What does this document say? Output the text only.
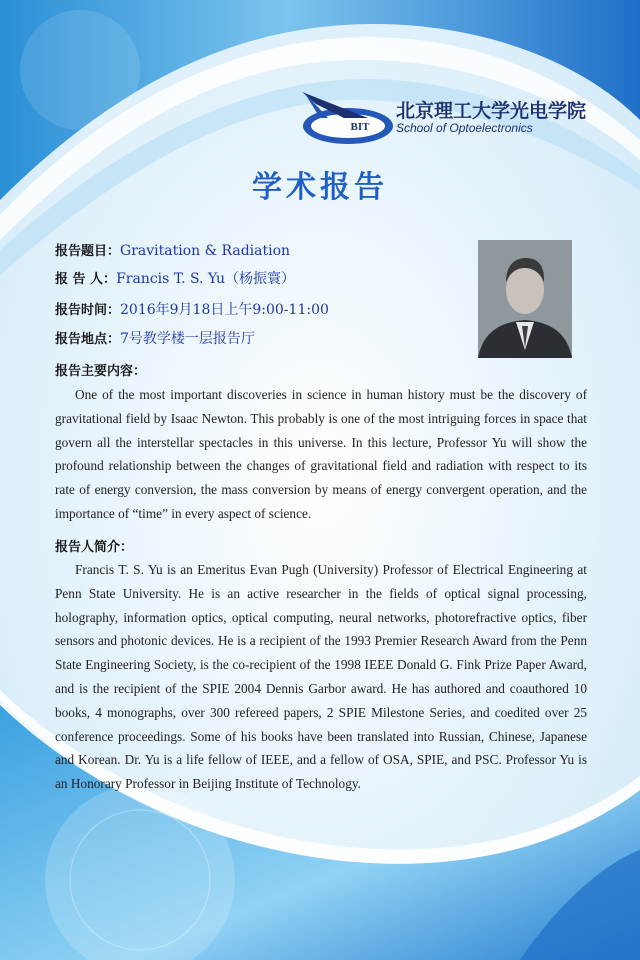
BIT
北京理工大学光电学院
School of Optoelectronics
学术报告
报告题目：Gravitation & Radiation
报 告 人：Francis T. S. Yu（杨振寰）
报告时间：2016年9月18日上午9:00-11:00
报告地点：7号教学楼一层报告厅
报告主要内容：

One of the most important discoveries in science in human history must be the discovery of gravitational field by Isaac Newton. This probably is one of the most intriguing forces in space that govern all the interstellar spectacles in this universe. In this lecture, Professor Yu will show the profound relationship between the changes of gravitational field and radiation with respect to its rate of energy conversion, the mass conversion by means of energy convergent operation, and the importance of “time” in every aspect of science.

报告人简介：

Francis T. S. Yu is an Emeritus Evan Pugh (University) Professor of Electrical Engineering at Penn State University. He is an active researcher in the fields of optical signal processing, holography, information optics, optical computing, neural networks, photorefractive optics, fiber sensors and photonic devices. He is a recipient of the 1993 Premier Research Award from the Penn State Engineering Society, is the co-recipient of the 1998 IEEE Donald G. Fink Prize Paper Award, and is the recipient of the SPIE 2004 Dennis Garbor award. He has authored and coauthored 10 books, 4 monographs, over 300 refereed papers, 2 SPIE Milestone Series, and coedited over 25 conference proceedings. Some of his books have been translated into Russian, Chinese, Japanese and Korean. Dr. Yu is a life fellow of IEEE, and a fellow of OSA, SPIE, and PSC. Professor Yu is an Honorary Professor in Beijing Institute of Technology.
